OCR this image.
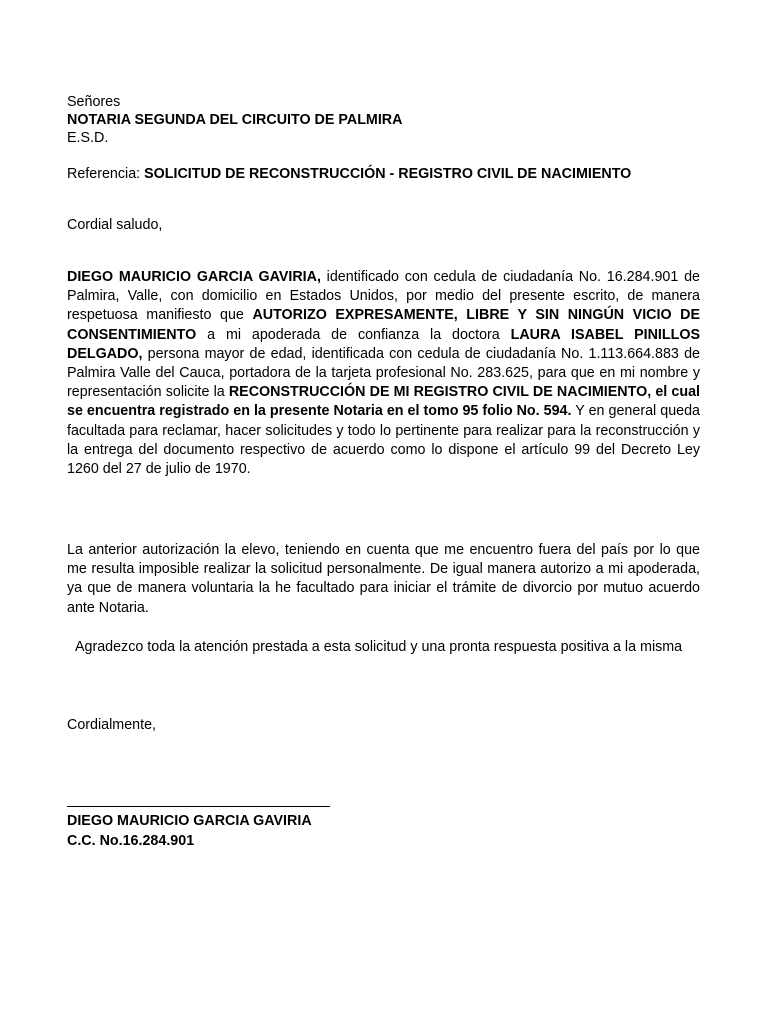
Señores
NOTARIA SEGUNDA DEL CIRCUITO DE PALMIRA
E.S.D.
Referencia: SOLICITUD DE RECONSTRUCCIÓN - REGISTRO CIVIL DE NACIMIENTO
Cordial saludo,
DIEGO MAURICIO GARCIA GAVIRIA, identificado con cedula de ciudadanía No. 16.284.901 de Palmira, Valle, con domicilio en Estados Unidos, por medio del presente escrito, de manera respetuosa manifiesto que AUTORIZO EXPRESAMENTE, LIBRE Y SIN NINGÚN VICIO DE CONSENTIMIENTO a mi apoderada de confianza la doctora LAURA ISABEL PINILLOS DELGADO, persona mayor de edad, identificada con cedula de ciudadanía No. 1.113.664.883 de Palmira Valle del Cauca, portadora de la tarjeta profesional No. 283.625, para que en mi nombre y representación solicite la RECONSTRUCCIÓN DE MI REGISTRO CIVIL DE NACIMIENTO, el cual se encuentra registrado en la presente Notaria en el tomo 95 folio No. 594. Y en general queda facultada para reclamar, hacer solicitudes y todo lo pertinente para realizar para la reconstrucción y la entrega del documento respectivo de acuerdo como lo dispone el artículo 99 del Decreto Ley 1260 del 27 de julio de 1970.
La anterior autorización la elevo, teniendo en cuenta que me encuentro fuera del país por lo que me resulta imposible realizar la solicitud personalmente. De igual manera autorizo a mi apoderada, ya que de manera voluntaria la he facultado para iniciar el trámite de divorcio por mutuo acuerdo ante Notaria.
Agradezco toda la atención prestada a esta solicitud y una pronta respuesta positiva a la misma
Cordialmente,
DIEGO MAURICIO GARCIA GAVIRIA
C.C. No.16.284.901
